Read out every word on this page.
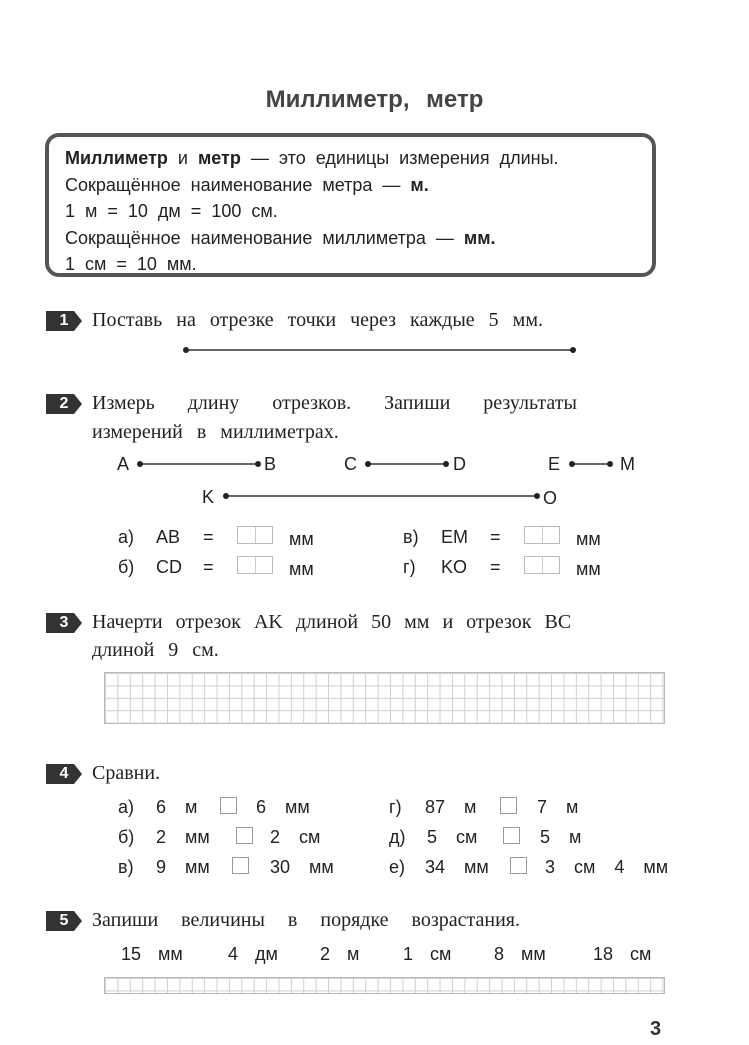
Миллиметр, метр
Миллиметр и метр — это единицы измерения длины.
Сокращённое наименование метра — м.
1 м = 10 дм = 100 см.
Сокращённое наименование миллиметра — мм.
1 см = 10 мм.
1 Поставь на отрезке точки через каждые 5 мм.
2 Измерь длину отрезков. Запиши результаты
измерений в миллиметрах.
A	B	C	D	E	M
K	O
а) AB =	мм	в) EM =	мм
б) CD =	мм	г) KO =	мм
3 Начерти отрезок AK длиной 50 мм и отрезок BC
длиной 9 см.
4 Сравни.
а) 6 м	6 мм
б) 2 мм	2 см
в) 9 мм	30 мм
г) 87 м	7 м
д) 5 см	5 м
е) 34 мм	3 см 4 мм
5 Запиши величины в порядке возрастания.
15 мм	4 дм 2 м 1 см 8 мм	18 см
3
